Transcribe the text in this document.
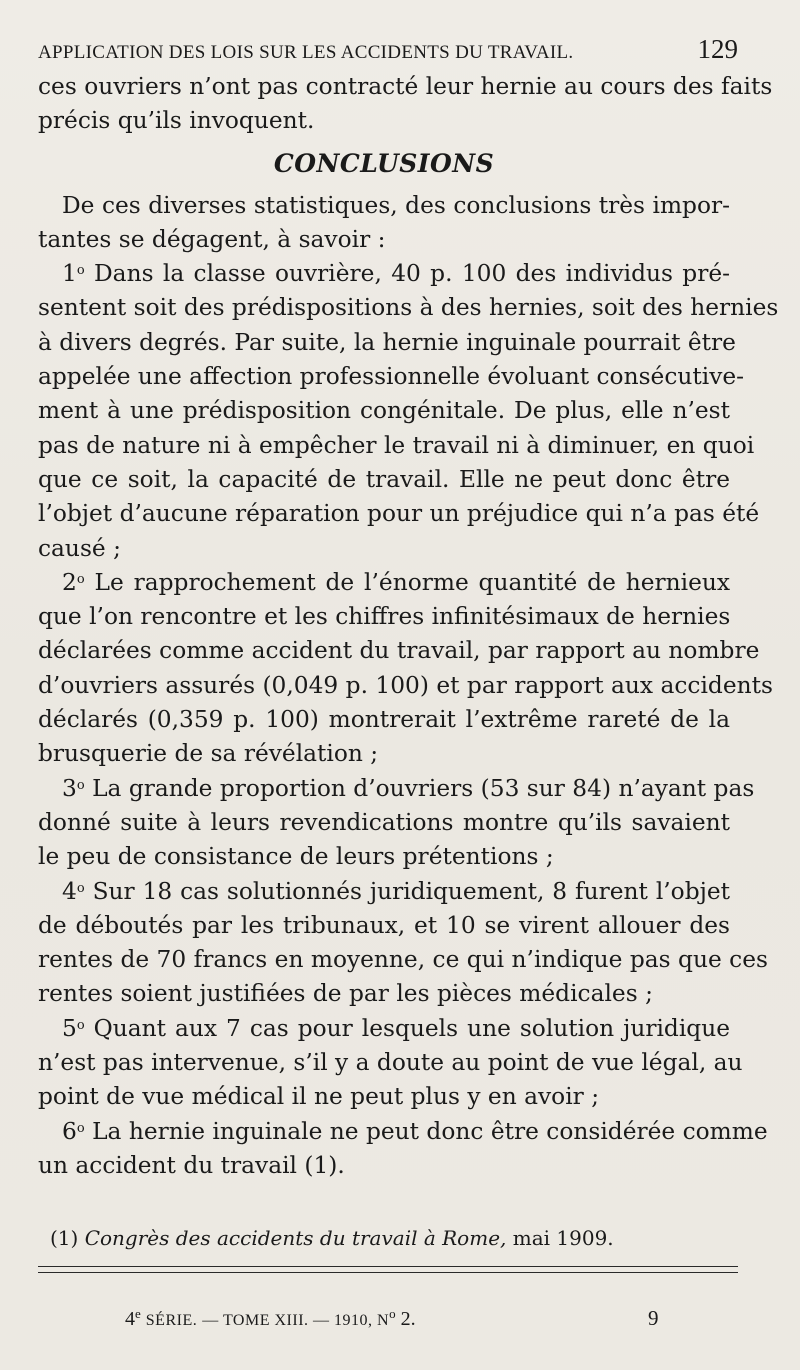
APPLICATION DES LOIS SUR LES ACCIDENTS DU TRAVAIL.	129
ces ouvriers n’ont pas contracté leur hernie au cours des faits
précis qu’ils invoquent.
CONCLUSIONS
De ces diverses statistiques, des conclusions très impor-
tantes se dégagent, à savoir :
1$^o$ Dans la classe ouvrière, 40 p. 100 des individus pré-
sentent soit des prédispositions à des hernies, soit des hernies
à divers degrés. Par suite, la hernie inguinale pourrait être
appelée une affection professionnelle évoluant consécutive-
ment à une prédisposition congénitale. De plus, elle n’est
pas de nature ni à empêcher le travail ni à diminuer, en quoi
que ce soit, la capacité de travail. Elle ne peut donc être
l’objet d’aucune réparation pour un préjudice qui n’a pas été
causé ;
2$^o$ Le rapprochement de l’énorme quantité de hernieux
que l’on rencontre et les chiffres infinitésimaux de hernies
déclarées comme accident du travail, par rapport au nombre
d’ouvriers assurés (0,049 p. 100) et par rapport aux accidents
déclarés (0,359 p. 100) montrerait l’extrême rareté de la
brusquerie de sa révélation ;
3$^o$ La grande proportion d’ouvriers (53 sur 84) n’ayant pas
donné suite à leurs revendications montre qu’ils savaient
le peu de consistance de leurs prétentions ;
4$^o$ Sur 18 cas solutionnés juridiquement, 8 furent l’objet
de déboutés par les tribunaux, et 10 se virent allouer des
rentes de 70 francs en moyenne, ce qui n’indique pas que ces
rentes soient justifiées de par les pièces médicales ;
5$^o$ Quant aux 7 cas pour lesquels une solution juridique
n’est pas intervenue, s’il y a doute au point de vue légal, au
point de vue médical il ne peut plus y en avoir ;
6$^o$ La hernie inguinale ne peut donc être considérée comme
un accident du travail (1).
(1) Congrès des accidents du travail à Rome, mai 1909.
4e SÉRIE. — TOME XIII. — 1910, $N^o$ 2.	9
